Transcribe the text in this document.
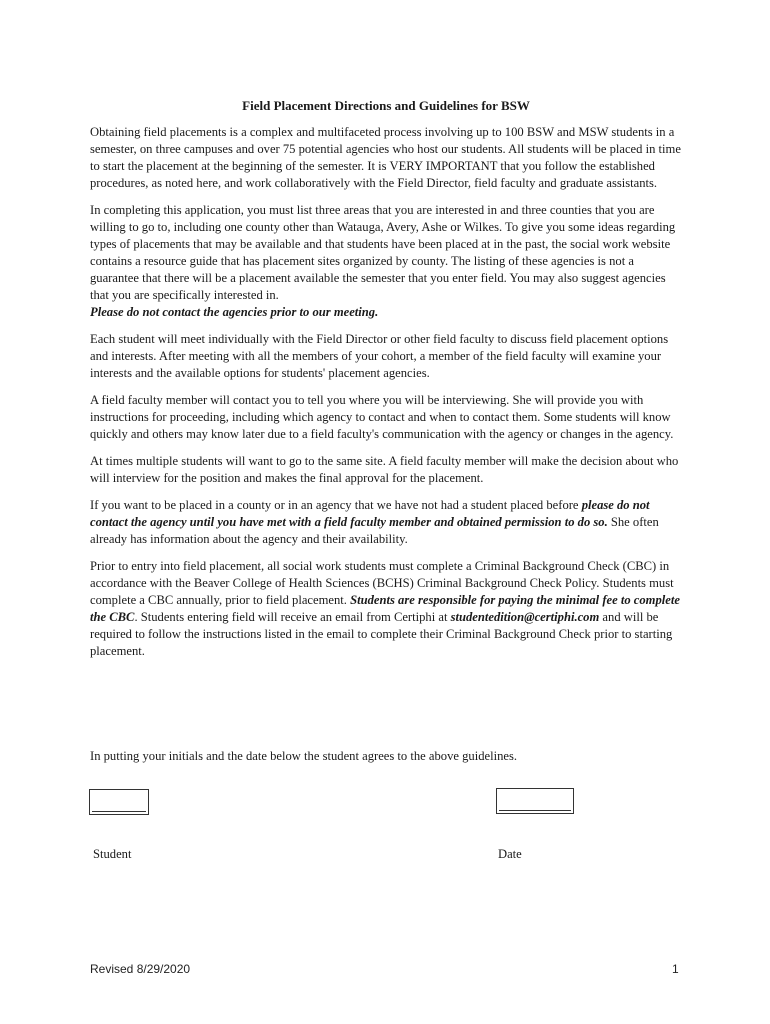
Field Placement Directions and Guidelines for BSW

Obtaining field placements is a complex and multifaceted process involving up to 100 BSW and MSW students in a semester, on three campuses and over 75 potential agencies who host our students. All students will be placed in time to start the placement at the beginning of the semester. It is VERY IMPORTANT that you follow the established procedures, as noted here, and work collaboratively with the Field Director, field faculty and graduate assistants.

In completing this application, you must list three areas that you are interested in and three counties that you are willing to go to, including one county other than Watauga, Avery, Ashe or Wilkes. To give you some ideas regarding types of placements that may be available and that students have been placed at in the past, the social work website contains a resource guide that has placement sites organized by county. The listing of these agencies is not a guarantee that there will be a placement available the semester that you enter field. You may also suggest agencies that you are specifically interested in.
Please do not contact the agencies prior to our meeting.

Each student will meet individually with the Field Director or other field faculty to discuss field placement options and interests. After meeting with all the members of your cohort, a member of the field faculty will examine your interests and the available options for students' placement agencies.

A field faculty member will contact you to tell you where you will be interviewing. She will provide you with instructions for proceeding, including which agency to contact and when to contact them. Some students will know quickly and others may know later due to a field faculty's communication with the agency or changes in the agency.

At times multiple students will want to go to the same site. A field faculty member will make the decision about who will interview for the position and makes the final approval for the placement.

If you want to be placed in a county or in an agency that we have not had a student placed before please do not contact the agency until you have met with a field faculty member and obtained permission to do so. She often already has information about the agency and their availability.

Prior to entry into field placement, all social work students must complete a Criminal Background Check (CBC) in accordance with the Beaver College of Health Sciences (BCHS) Criminal Background Check Policy. Students must complete a CBC annually, prior to field placement. Students are responsible for paying the minimal fee to complete the CBC. Students entering field will receive an email from Certiphi at studentedition@certiphi.com and will be required to follow the instructions listed in the email to complete their Criminal Background Check prior to starting placement.

In putting your initials and the date below the student agrees to the above guidelines.
Student	Date
Revised 8/29/2020	1
